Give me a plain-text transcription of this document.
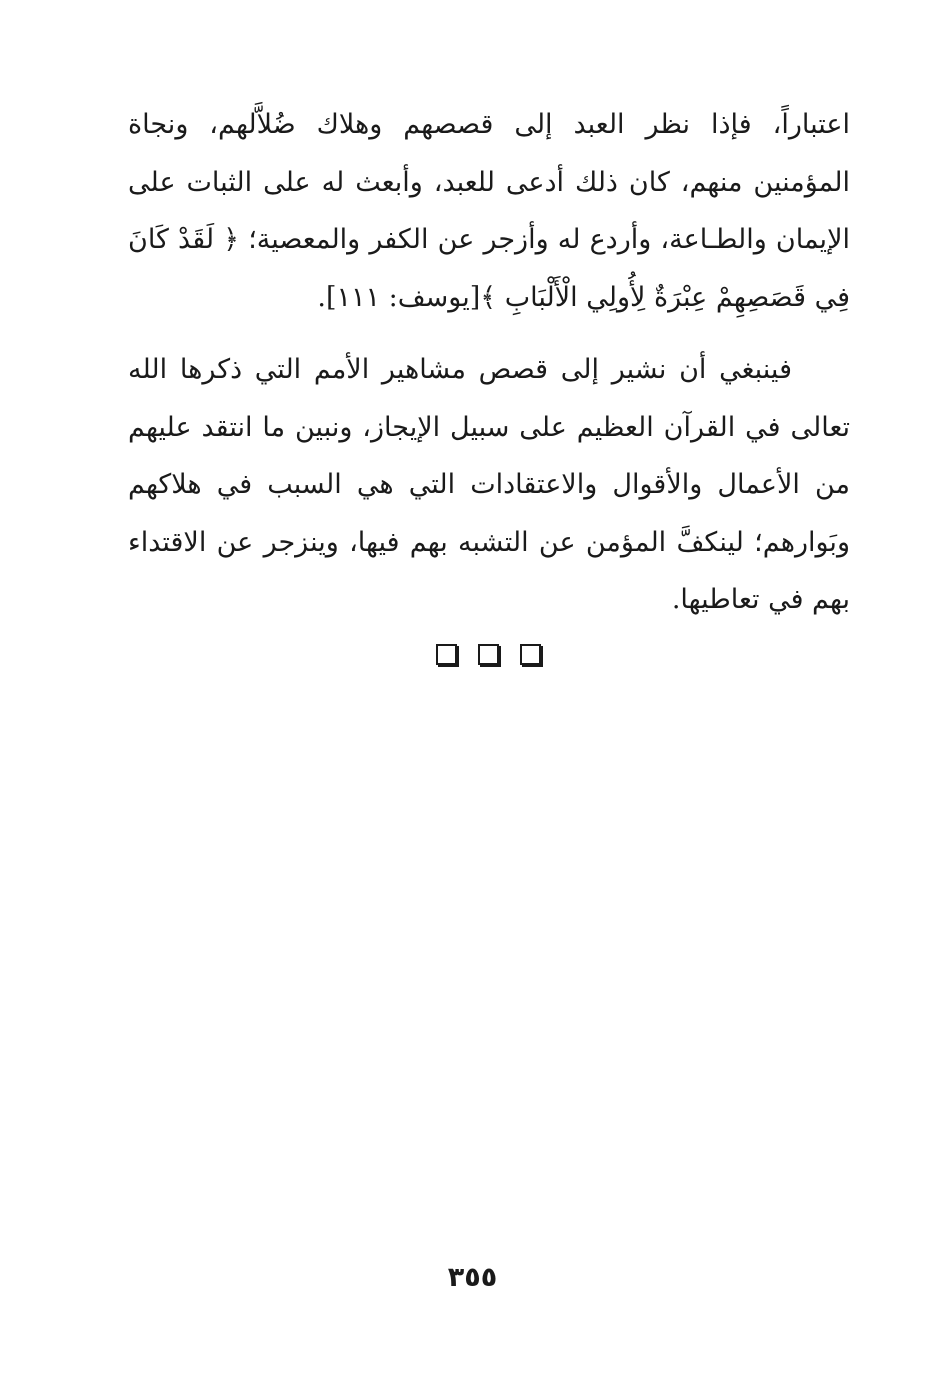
اعتباراً، فإذا نظر العبد إلى قصصهم وهلاك ضُلاَّلهم، ونجاة المؤمنين منهم، كان ذلك أدعى للعبد، وأبعث له على الثبات على الإيمان والطـاعة، وأردع له وأزجر عن الكفر والمعصية؛ ﴿ لَقَدْ كَانَ فِي قَصَصِهِمْ عِبْرَةٌ لِأُولِي الْأَلْبَابِ ﴾[يوسف: ١١١].

فينبغي أن نشير إلى قصص مشاهير الأمم التي ذكرها الله تعالى في القرآن العظيم على سبيل الإيجاز، ونبين ما انتقد عليهم من الأعمال والأقوال والاعتقادات التي هي السبب في هلاكهم وبَوارهم؛ لينكفَّ المؤمن عن التشبه بهم فيها، وينزجر عن الاقتداء بهم في تعاطيها.

٣٥٥
